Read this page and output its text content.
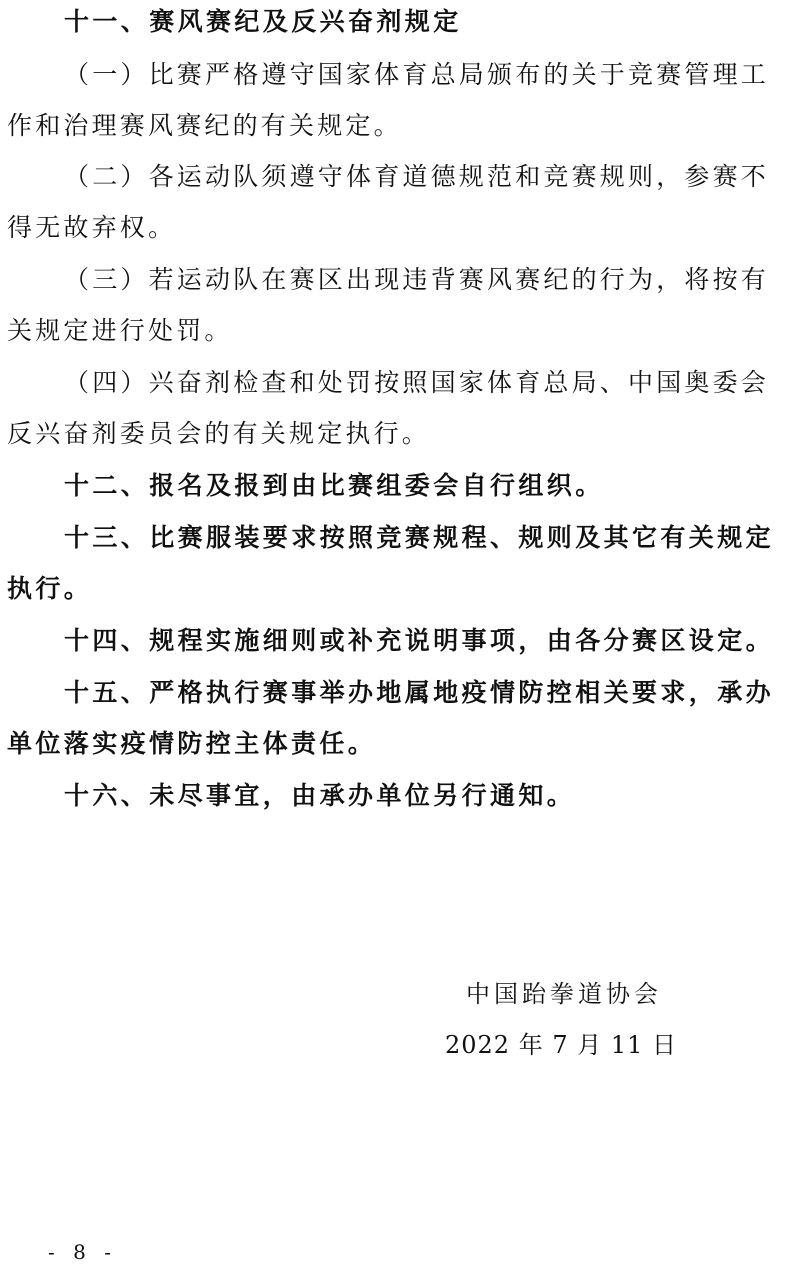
十一、赛风赛纪及反兴奋剂规定
（一）比赛严格遵守国家体育总局颁布的关于竞赛管理工
作和治理赛风赛纪的有关规定。
（二）各运动队须遵守体育道德规范和竞赛规则，参赛不
得无故弃权。
（三）若运动队在赛区出现违背赛风赛纪的行为，将按有
关规定进行处罚。
（四）兴奋剂检查和处罚按照国家体育总局、中国奥委会
反兴奋剂委员会的有关规定执行。
十二、报名及报到由比赛组委会自行组织。
十三、比赛服装要求按照竞赛规程、规则及其它有关规定
执行。
十四、规程实施细则或补充说明事项，由各分赛区设定。
十五、严格执行赛事举办地属地疫情防控相关要求，承办
单位落实疫情防控主体责任。
十六、未尽事宜，由承办单位另行通知。
中国跆拳道协会
2022 年 7 月 11 日
- 8 -
